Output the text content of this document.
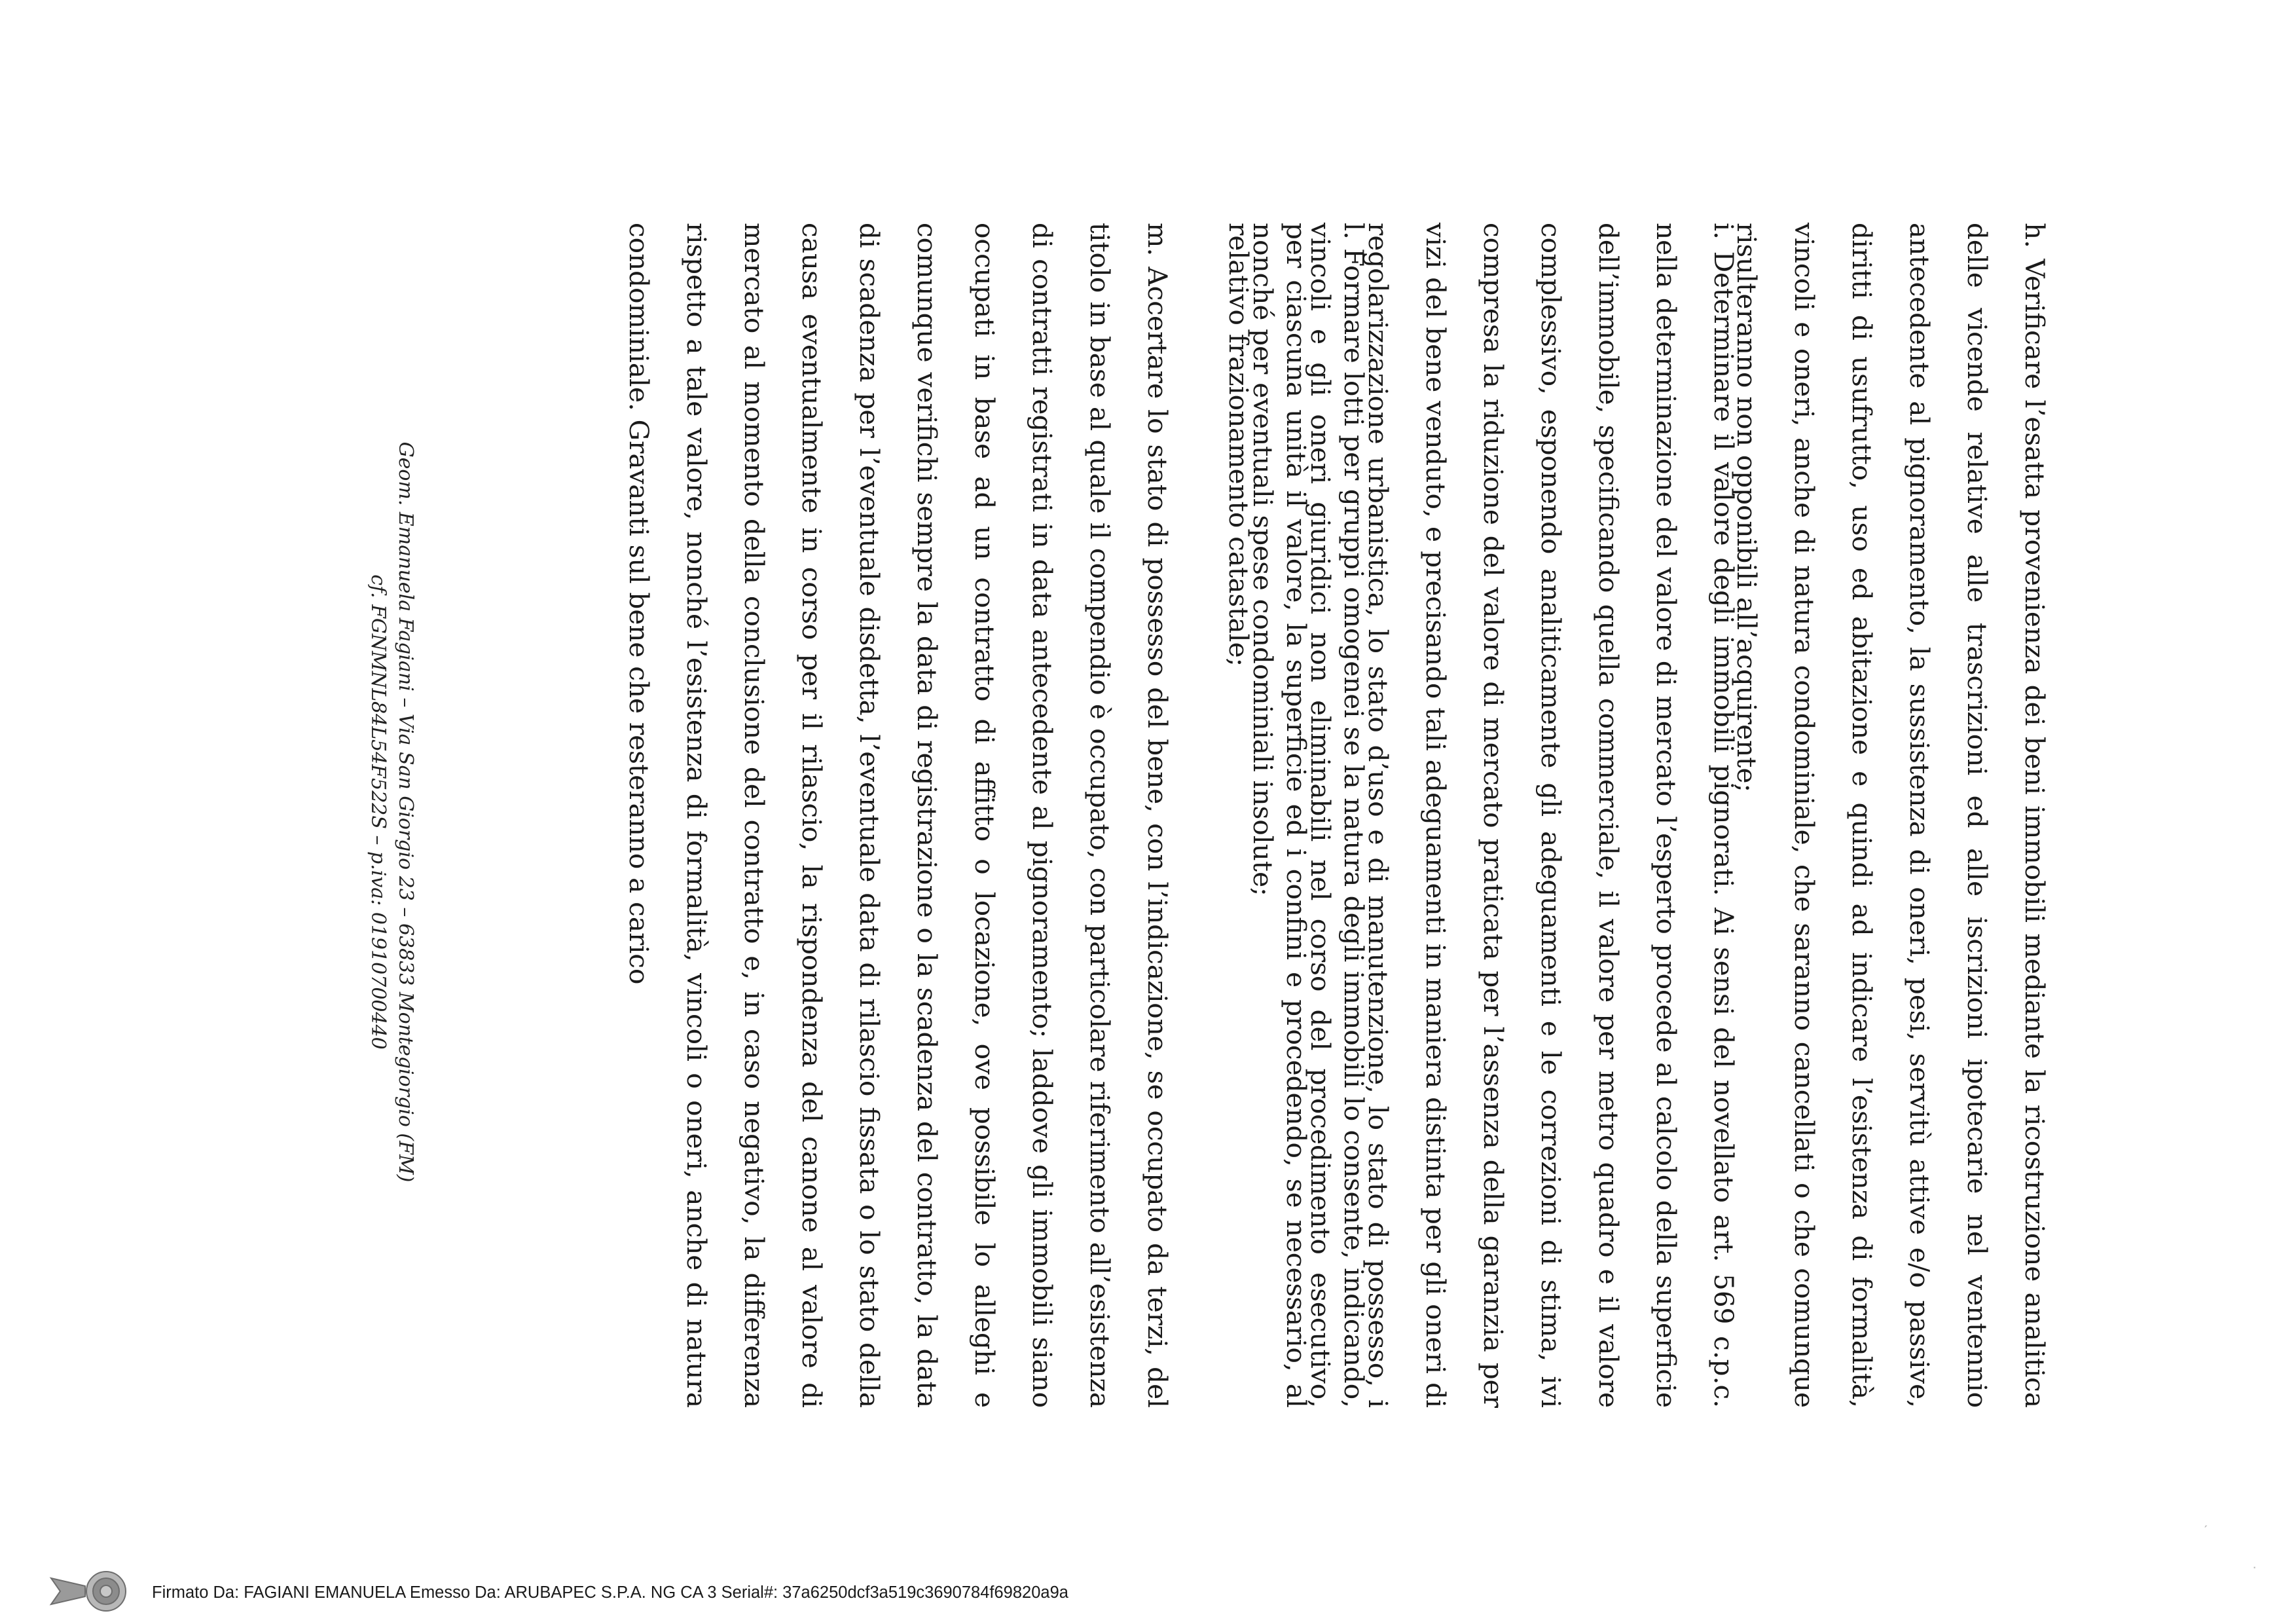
h. Verificare l’esatta provenienza dei beni immobili mediante la ricostruzione analitica delle vicende relative alle trascrizioni ed alle iscrizioni ipotecarie nel ventennio antecedente al pignoramento, la sussistenza di oneri, pesi, servitù attive e/o passive, diritti di usufrutto, uso ed abitazione e quindi ad indicare l’esistenza di formalità, vincoli e oneri, anche di natura condominiale, che saranno cancellati o che comunque risulteranno non opponibili all’acquirente;

i. Determinare il valore degli immobili pignorati. Ai sensi del novellato art. 569 c.p.c. nella determinazione del valore di mercato l’esperto procede al calcolo della superficie dell’immobile, specificando quella commerciale, il valore per metro quadro e il valore complessivo, esponendo analiticamente gli adeguamenti e le correzioni di stima, ivi compresa la riduzione del valore di mercato praticata per l’assenza della garanzia per vizi del bene venduto, e precisando tali adeguamenti in maniera distinta per gli oneri di regolarizzazione urbanistica, lo stato d’uso e di manutenzione, lo stato di possesso, i vincoli e gli oneri giuridici non eliminabili nel corso del procedimento esecutivo, nonché per eventuali spese condominiali insolute;	l. Formare lotti per gruppi omogenei se la natura degli immobili lo consente, indicando, per ciascuna unità il valore, la superficie ed i confini e procedendo, se necessario, al relativo frazionamento catastale;

m. Accertare lo stato di possesso del bene, con l’indicazione, se occupato da terzi, del titolo in base al quale il compendio è occupato, con particolare riferimento all’esistenza di contratti registrati in data antecedente al pignoramento; laddove gli immobili siano occupati in base ad un contratto di affitto o locazione, ove possibile lo alleghi e comunque verifichi sempre la data di registrazione o la scadenza del contratto, la data di scadenza per l’eventuale disdetta, l’eventuale data di rilascio fissata o lo stato della causa eventualmente in corso per il rilascio, la rispondenza del canone al valore di mercato al momento della conclusione del contratto e, in caso negativo, la differenza rispetto a tale valore, nonché l’esistenza di formalità, vincoli o oneri, anche di natura condominiale. Gravanti sul bene che resteranno a carico

Geom. Emanuela Fagiani – Via San Giorgio 23 – 63833 Montegiorgio (FM)
cf. FGNMNL84L54F522S – p.iva: 01910700440
Firmato Da: FAGIANI EMANUELA Emesso Da: ARUBAPEC S.P.A. NG CA 3 Serial#: 37a6250dcf3a519c3690784f69820a9a
ˏ
·
